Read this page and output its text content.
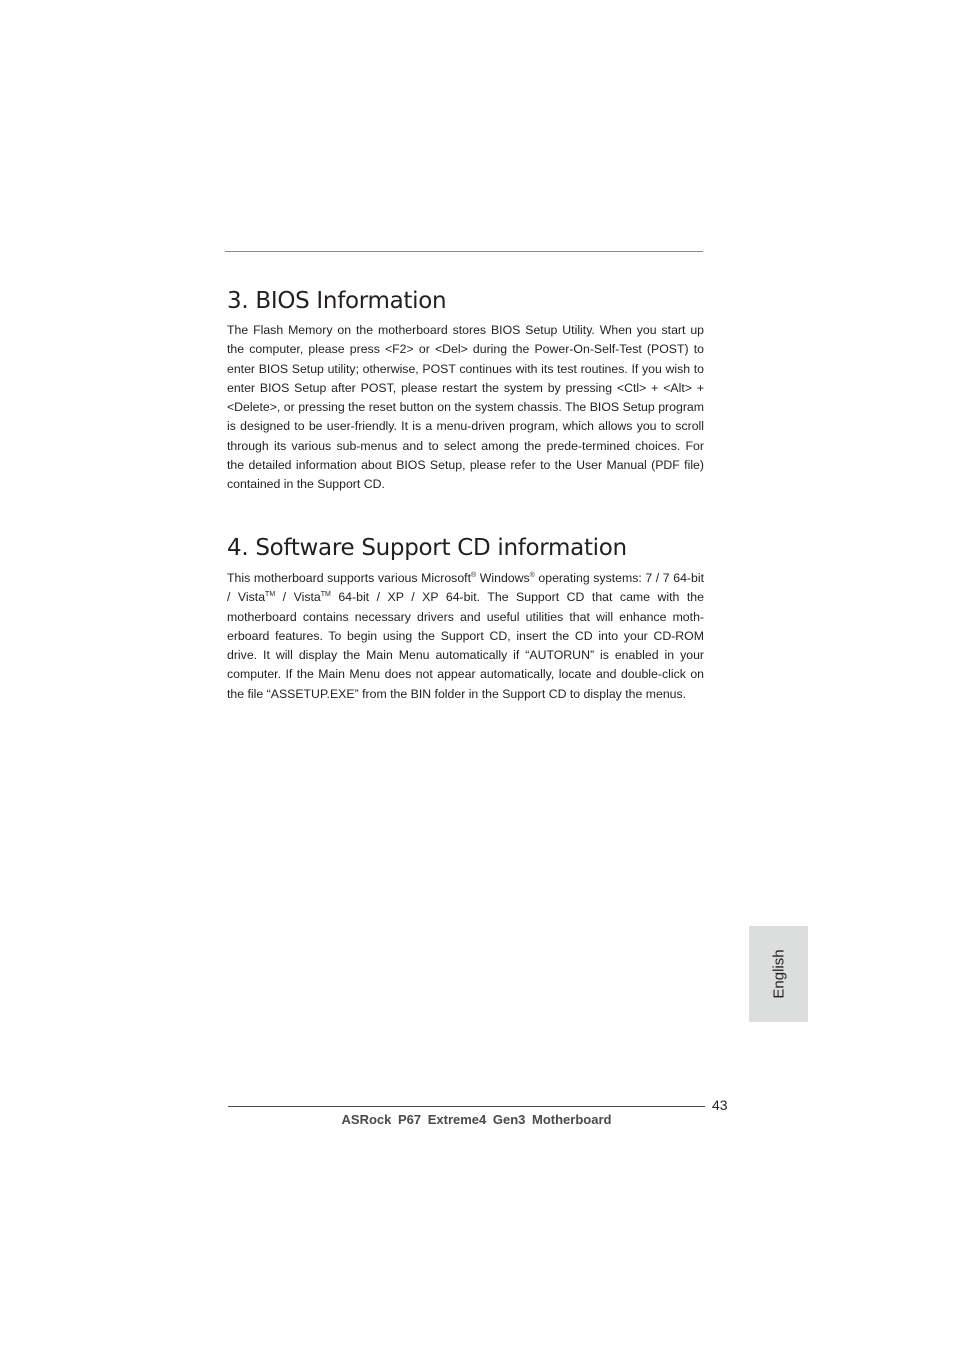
3. BIOS Information

The Flash Memory on the motherboard stores BIOS Setup Utility. When you start up the computer, please press <F2> or <Del> during the Power-On-Self-Test (POST) to enter BIOS Setup utility; otherwise, POST continues with its test routines. If you wish to enter BIOS Setup after POST, please restart the system by pressing <Ctl> + <Alt> + <Delete>, or pressing the reset button on the system chassis. The BIOS Setup program is designed to be user-friendly. It is a menu-driven program, which allows you to scroll through its various sub-menus and to select among the prede-termined choices. For the detailed information about BIOS Setup, please refer to the User Manual (PDF file) contained in the Support CD.

4. Software Support CD information

This motherboard supports various Microsoft® Windows® operating systems: 7 / 7 64-bit / Vista™ / Vista™ 64-bit / XP / XP 64-bit. The Support CD that came with the motherboard contains necessary drivers and useful utilities that will enhance moth-erboard features. To begin using the Support CD, insert the CD into your CD-ROM drive. It will display the Main Menu automatically if “AUTORUN” is enabled in your computer. If the Main Menu does not appear automatically, locate and double-click on the file “ASSETUP.EXE” from the BIN folder in the Support CD to display the menus.

English
43
ASRock P67 Extreme4 Gen3 Motherboard
